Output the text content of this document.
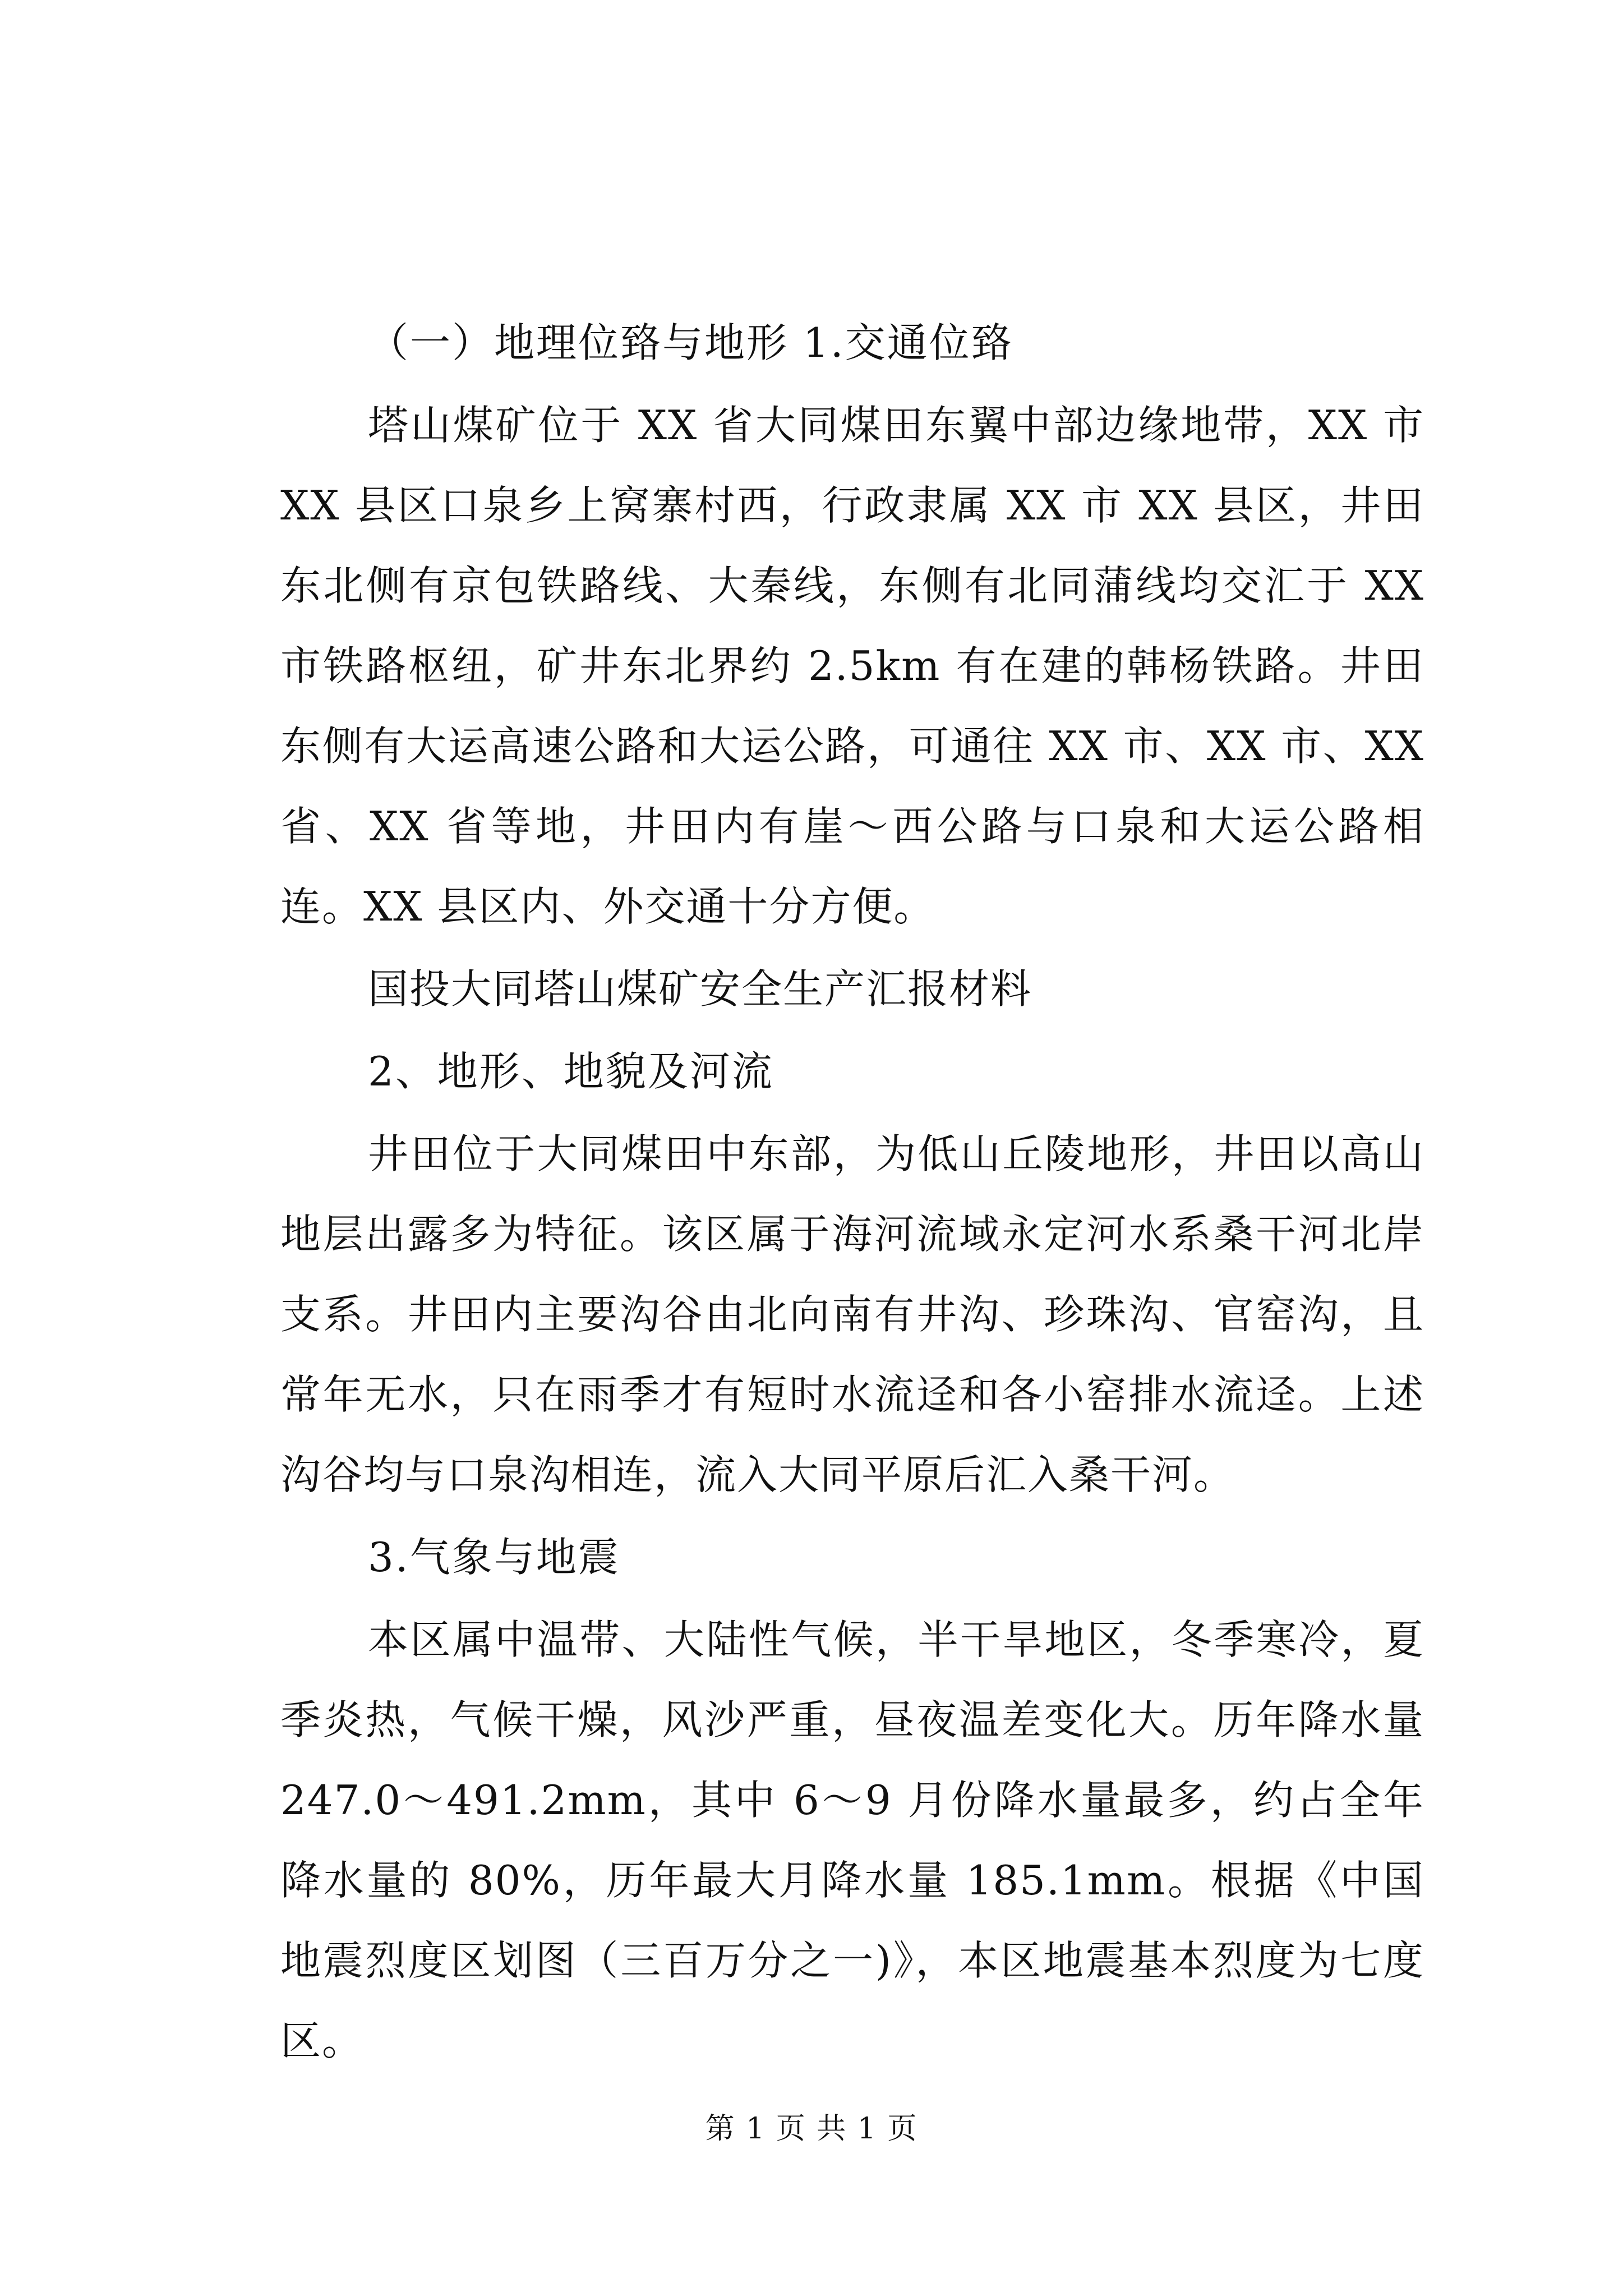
（一）地理位臵与地形 1.交通位臵

塔山煤矿位于 XX 省大同煤田东翼中部边缘地带，XX 市 XX 县区口泉乡上窝寨村西，行政隶属 XX 市 XX 县区，井田东北侧有京包铁路线、大秦线，东侧有北同蒲线均交汇于 XX 市铁路枢纽，矿井东北界约 2.5km 有在建的韩杨铁路。井田东侧有大运高速公路和大运公路，可通往 XX 市、XX 市、XX 省、XX 省等地，井田内有崖～西公路与口泉和大运公路相连。XX 县区内、外交通十分方便。

国投大同塔山煤矿安全生产汇报材料

2、地形、地貌及河流

井田位于大同煤田中东部，为低山丘陵地形，井田以高山地层出露多为特征。该区属于海河流域永定河水系桑干河北岸支系。井田内主要沟谷由北向南有井沟、珍珠沟、官窑沟，且常年无水，只在雨季才有短时水流迳和各小窑排水流迳。上述沟谷均与口泉沟相连，流入大同平原后汇入桑干河。

3.气象与地震

本区属中温带、大陆性气候，半干旱地区，冬季寒冷，夏季炎热，气候干燥，风沙严重，昼夜温差变化大。历年降水量 247.0～491.2mm，其中 6～9 月份降水量最多，约占全年降水量的 80%，历年最大月降水量 185.1mm。根据《中国地震烈度区划图（三百万分之一)》，本区地震基本烈度为七度区。

第 1 页 共 1 页
